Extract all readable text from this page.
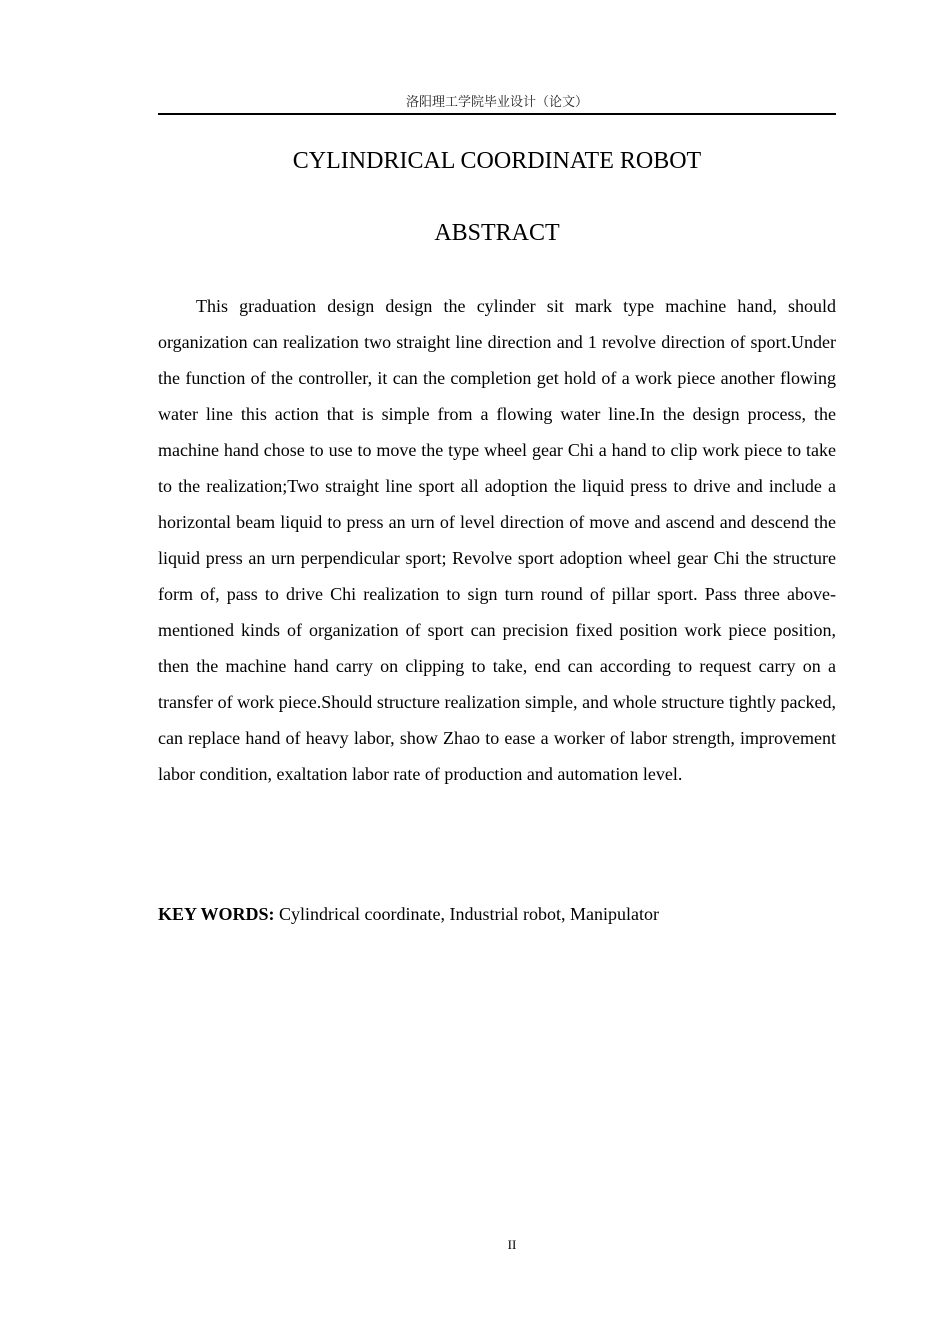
洛阳理工学院毕业设计（论文）
CYLINDRICAL COORDINATE ROBOT
ABSTRACT

This graduation design design the cylinder sit mark type machine hand, should organization can realization two straight line direction and 1 revolve direction of sport.Under the function of the controller, it can the completion get hold of a work piece another flowing water line this action that is simple from a flowing water line.In the design process, the machine hand chose to use to move the type wheel gear Chi a hand to clip work piece to take to the realization;Two straight line sport all adoption the liquid press to drive and include a horizontal beam liquid to press an urn of level direction of move and ascend and descend the liquid press an urn perpendicular sport; Revolve sport adoption wheel gear Chi the structure form of, pass to drive Chi realization to sign turn round of pillar sport. Pass three above-mentioned kinds of organization of sport can precision fixed position work piece position, then the machine hand carry on clipping to take, end can according to request carry on a transfer of work piece.Should structure realization simple, and whole structure tightly packed, can replace hand of heavy labor, show Zhao to ease a worker of labor strength, improvement labor condition, exaltation labor rate of production and automation level.

KEY WORDS: Cylindrical coordinate, Industrial robot, Manipulator
II
